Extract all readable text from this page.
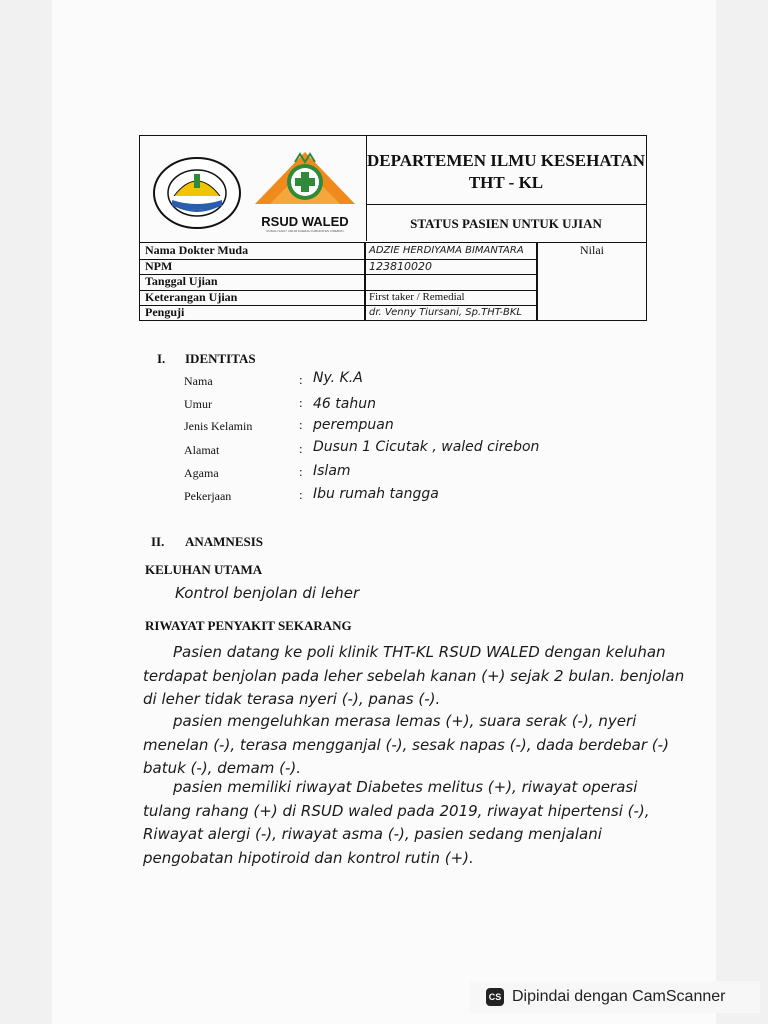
RSUD WALED
RUMAH SAKIT UMUM DAERAH KABUPATEN CIREBON
DEPARTEMEN ILMU KESEHATAN THT - KL
STATUS PASIEN UNTUK UJIAN
Nilai
Nama Dokter Muda	ADZIE HERDIYAMA BIMANTARA
NPM	123810020
Tanggal Ujian
Keterangan Ujian	First taker / Remedial
Penguji	dr. Venny Tiursani, Sp.THT-BKL
I. IDENTITAS
Nama	: Ny. K.A
Umur	: 46 tahun
Jenis Kelamin	: perempuan
Alamat	: Dusun 1 Cicutak , waled cirebon
Agama	: Islam
Pekerjaan	: Ibu rumah tangga
II. ANAMNESIS
KELUHAN UTAMA
Kontrol benjolan di leher
RIWAYAT PENYAKIT SEKARANG
Pasien datang ke poli klinik THT-KL RSUD WALED dengan keluhan terdapat benjolan pada leher sebelah kanan (+) sejak 2 bulan. benjolan di leher tidak terasa nyeri (-), panas (-).
pasien mengeluhkan merasa lemas (+), suara serak (-), nyeri menelan (-), terasa mengganjal (-), sesak napas (-), dada berdebar (-) batuk (-), demam (-).
pasien memiliki riwayat Diabetes melitus (+), riwayat operasi tulang rahang (+) di RSUD waled pada 2019, riwayat hipertensi (-), Riwayat alergi (-), riwayat asma (-), pasien sedang menjalani pengobatan hipotiroid dan kontrol rutin (+).
CS Dipindai dengan CamScanner
